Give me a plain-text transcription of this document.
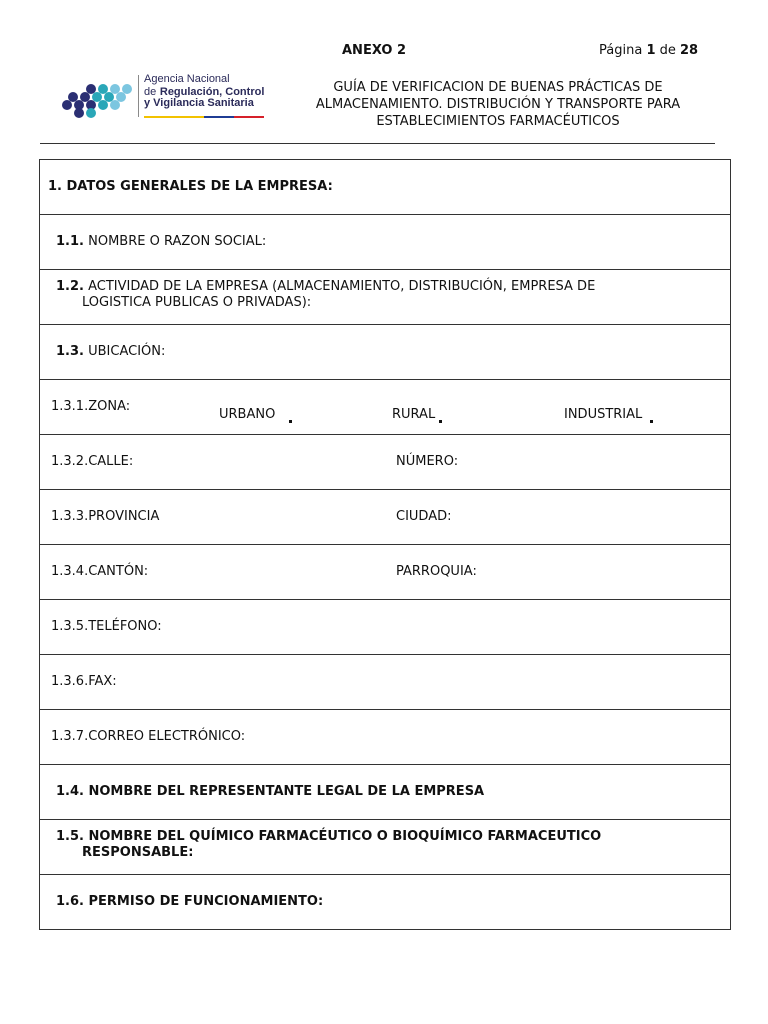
ANEXO 2	Página 1 de 28
Agencia Nacional
de Regulación, Control
y Vigilancia Sanitaria
GUÍA DE VERIFICACION DE BUENAS PRÁCTICAS DE
ALMACENAMIENTO. DISTRIBUCIÓN Y TRANSPORTE PARA
ESTABLECIMIENTOS FARMACÉUTICOS
1. DATOS GENERALES DE LA EMPRESA:
1.1. NOMBRE O RAZON SOCIAL:
1.2. ACTIVIDAD DE LA EMPRESA (ALMACENAMIENTO, DISTRIBUCIÓN, EMPRESA DE
LOGISTICA PUBLICAS O PRIVADAS):
1.3. UBICACIÓN:
1.3.1.ZONA:
URBANO	RURAL	INDUSTRIAL
1.3.2.CALLE:	NÚMERO:
1.3.3.PROVINCIA	CIUDAD:
1.3.4.CANTÓN:	PARROQUIA:
1.3.5.TELÉFONO:
1.3.6.FAX:
1.3.7.CORREO ELECTRÓNICO:
1.4. NOMBRE DEL REPRESENTANTE LEGAL DE LA EMPRESA
1.5. NOMBRE DEL QUÍMICO FARMACÉUTICO O BIOQUÍMICO FARMACEUTICO
RESPONSABLE:
1.6. PERMISO DE FUNCIONAMIENTO:
